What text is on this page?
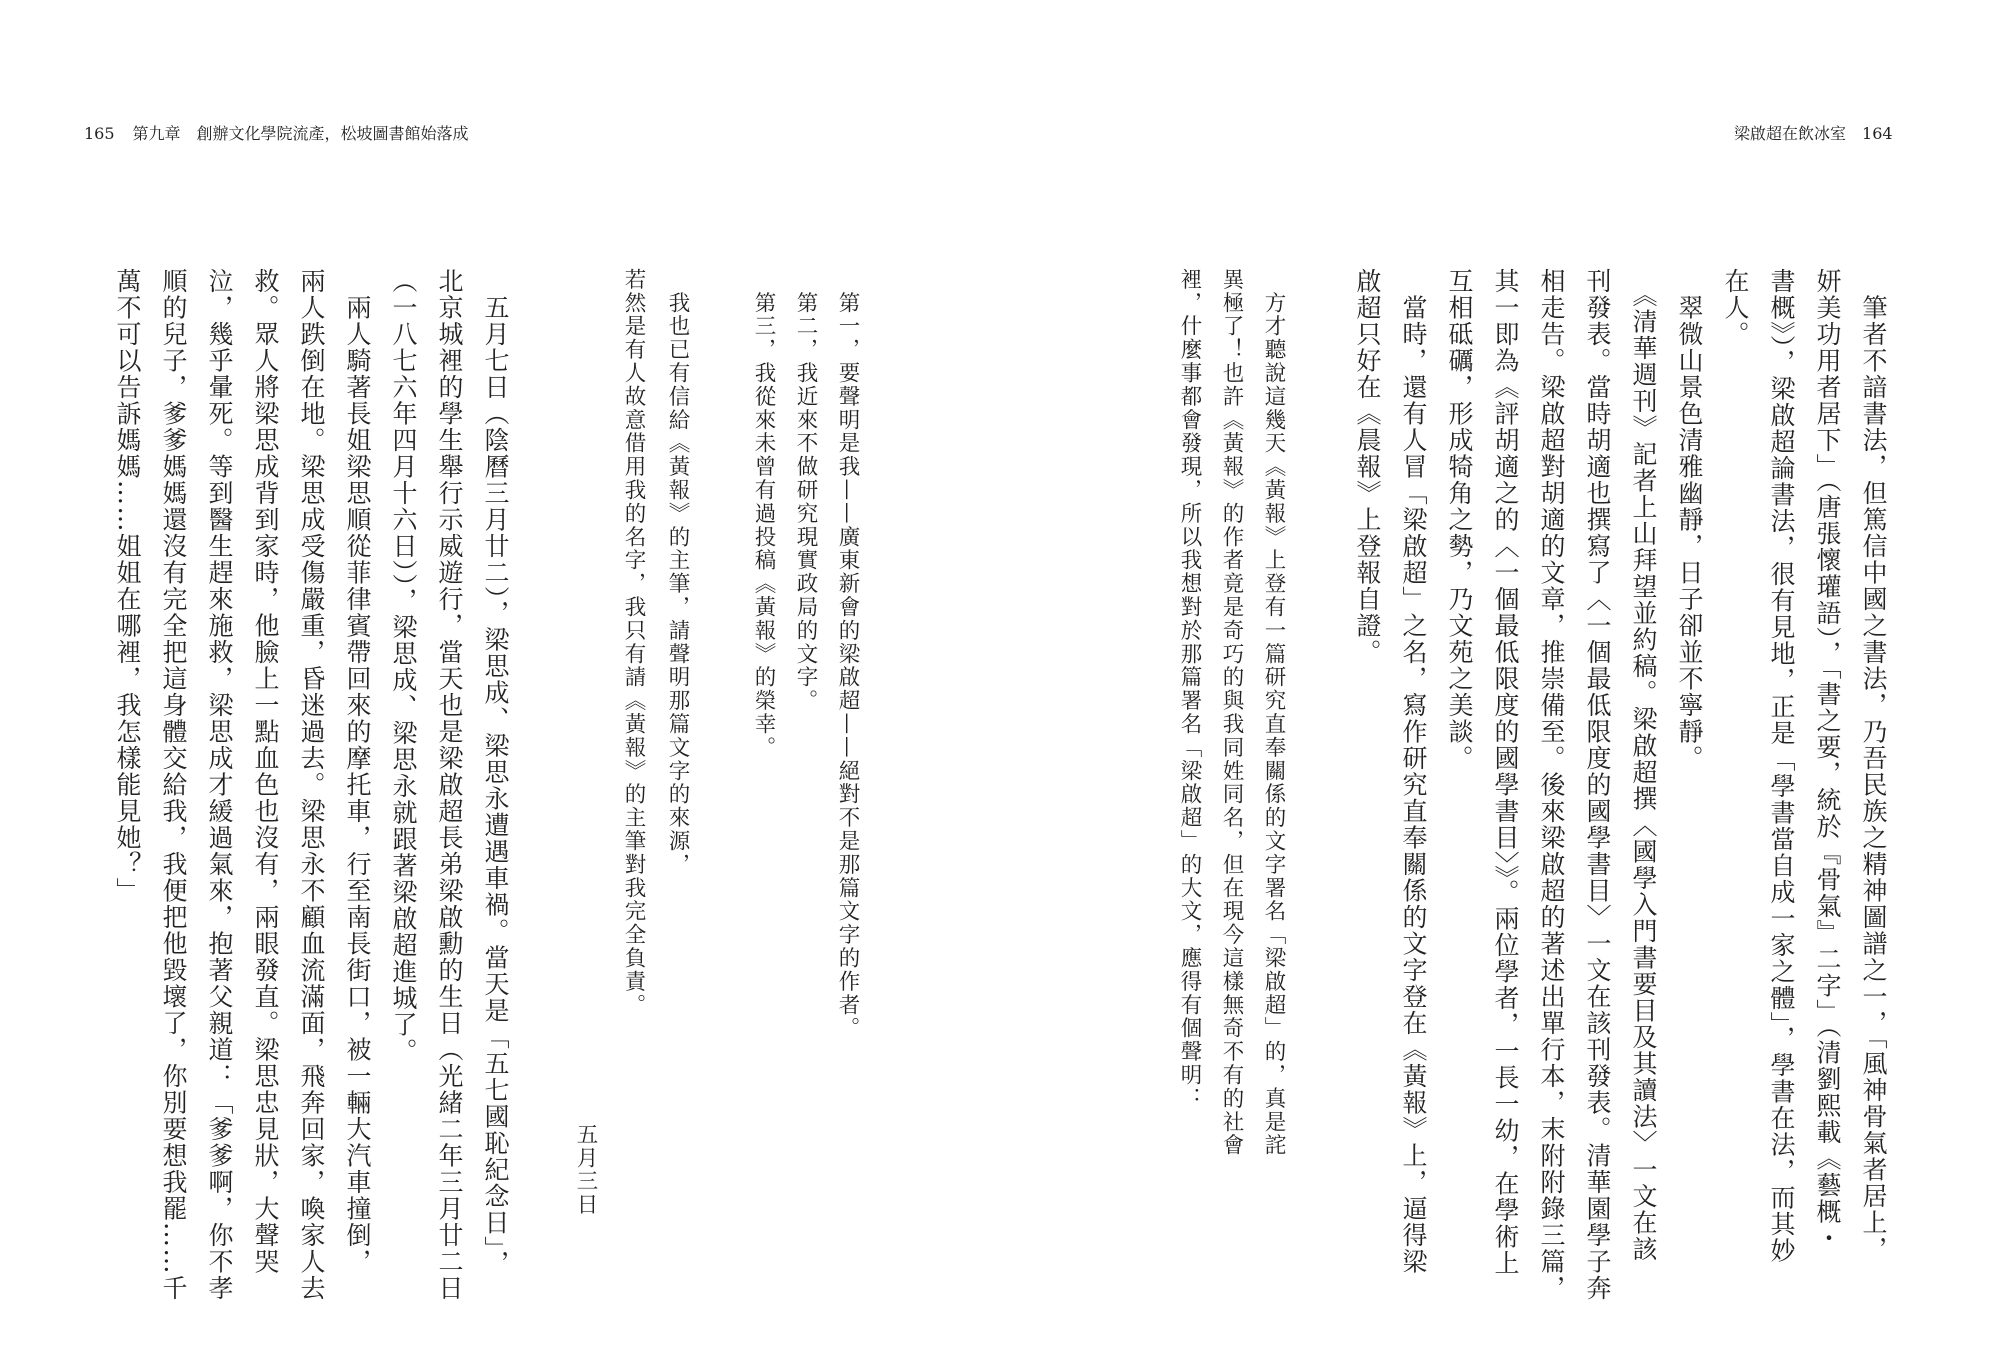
165 第九章　創辦文化學院流產，松坡圖書館始落成	梁啟超在飲冰室 164
　筆者不諳書法，但篤信中國之書法，乃吾民族之精神圖譜之一，「風神骨氣者居上，
妍美功用者居下」（唐張懷瓘語），「書之要，統於『骨氣』二字」（清劉熙載《藝概・
書概》），梁啟超論書法，很有見地，正是「學書當自成一家之體」，學書在法，而其妙
在人。
　翠微山景色清雅幽靜，日子卻並不寧靜。
　《清華週刊》記者上山拜望並約稿。梁啟超撰〈國學入門書要目及其讀法〉一文在該
刊發表。當時胡適也撰寫了〈一個最低限度的國學書目〉一文在該刊發表。清華園學子奔
相走告。梁啟超對胡適的文章，推崇備至。後來梁啟超的著述出單行本，末附附錄三篇，
其一即為《評胡適之的〈一個最低限度的國學書目〉》。兩位學者，一長一幼，在學術上
互相砥礪，形成犄角之勢，乃文苑之美談。
　當時，還有人冒「梁啟超」之名，寫作研究直奉關係的文字登在《黃報》上，逼得梁
啟超只好在《晨報》上登報自證。
　方才聽說這幾天《黃報》上登有一篇研究直奉關係的文字署名「梁啟超」的，真是詫
異極了！也許《黃報》的作者竟是奇巧的與我同姓同名，但在現今這樣無奇不有的社會
裡，什麼事都會發現，所以我想對於那篇署名「梁啟超」的大文，應得有個聲明：
　第一，要聲明是我——廣東新會的梁啟超——絕對不是那篇文字的作者。
　第二，我近來不做研究現實政局的文字。
　第三，我從來未曾有過投稿《黃報》的榮幸。
　我也已有信給《黃報》的主筆，請聲明那篇文字的來源，
若然是有人故意借用我的名字，我只有請《黃報》的主筆對我完全負責。
五月三日
　五月七日（陰曆三月廿二），梁思成、梁思永遭遇車禍。當天是「五七國恥紀念日」，
北京城裡的學生舉行示威遊行，當天也是梁啟超長弟梁啟勳的生日（光緒二年三月廿二日
（一八七六年四月十六日）），梁思成、梁思永就跟著梁啟超進城了。
　兩人騎著長姐梁思順從菲律賓帶回來的摩托車，行至南長街口，被一輛大汽車撞倒，
兩人跌倒在地。梁思成受傷嚴重，昏迷過去。梁思永不顧血流滿面，飛奔回家，喚家人去
救。眾人將梁思成背到家時，他臉上一點血色也沒有，兩眼發直。梁思忠見狀，大聲哭
泣，幾乎暈死。等到醫生趕來施救，梁思成才緩過氣來，抱著父親道：「爹爹啊，你不孝
順的兒子，爹爹媽媽還沒有完全把這身體交給我，我便把他毀壞了，你別要想我罷……千
萬不可以告訴媽媽……姐姐在哪裡，我怎樣能見她？」
